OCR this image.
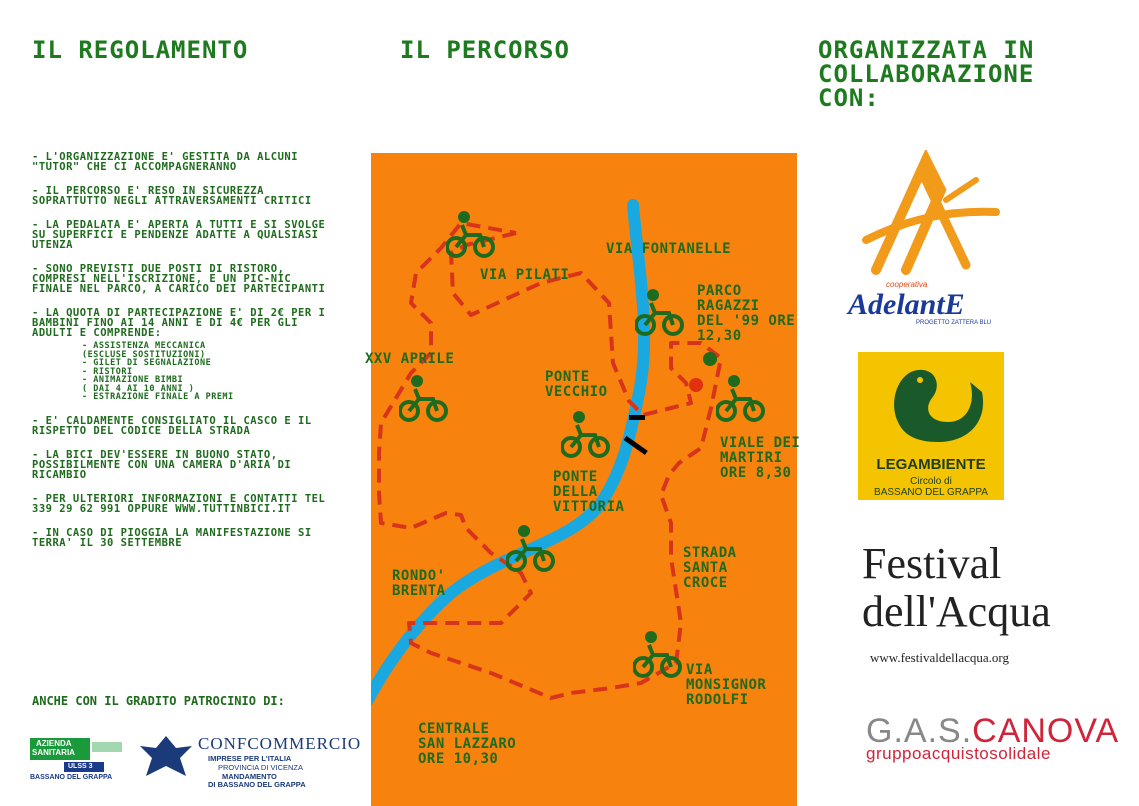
IL REGOLAMENTO	IL PERCORSO	ORGANIZZATA IN
COLLABORAZIONE
CON:
- L'ORGANIZZAZIONE E' GESTITA DA ALCUNI "TUTOR" CHE CI ACCOMPAGNERANNO
- IL PERCORSO E' RESO IN SICUREZZA SOPRATTUTTO NEGLI ATTRAVERSAMENTI CRITICI
- LA PEDALATA E' APERTA A TUTTI E SI SVOLGE SU SUPERFICI E PENDENZE ADATTE A QUALSIASI UTENZA
- SONO PREVISTI DUE POSTI DI RISTORO, COMPRESI NELL'ISCRIZIONE, E UN PIC-NIC FINALE NEL PARCO, A CARICO DEI PARTECIPANTI
- LA QUOTA DI PARTECIPAZIONE E' DI 2€ PER I BAMBINI FINO AI 14 ANNI E DI 4€ PER GLI ADULTI E COMPRENDE:
- ASSISTENZA MECCANICA
(ESCLUSE SOSTITUZIONI)
- GILET DI SEGNALAZIONE
- RISTORI
- ANIMAZIONE BIMBI
( DAI 4 AI 10 ANNI )
- ESTRAZIONE FINALE A PREMI
- E' CALDAMENTE CONSIGLIATO IL CASCO E IL RISPETTO DEL CODICE DELLA STRADA
- LA BICI DEV'ESSERE IN BUONO STATO, POSSIBILMENTE CON UNA CAMERA D'ARIA DI RICAMBIO
- PER ULTERIORI INFORMAZIONI E CONTATTI TEL 339 29 62 991 OPPURE WWW.TUTTINBICI.IT
- IN CASO DI PIOGGIA LA MANIFESTAZIONE SI TERRA' IL 30 SETTEMBRE
ANCHE CON IL GRADITO PATROCINIO DI:
AZIENDA
SANITARIA
ULSS 3
BASSANO DEL GRAPPA
CONFCOMMERCIO
IMPRESE PER L'ITALIA
PROVINCIA DI VICENZA
MANDAMENTO
DI BASSANO DEL GRAPPA
VIA FONTANELLE
VIA PILATI
PARCO
RAGAZZI
DEL '99 ORE
12,30
XXV APRILE
PONTE
VECCHIO
VIALE DEI
MARTIRI
ORE 8,30
PONTE
DELLA
VITTORIA
STRADA
SANTA
CROCE
RONDO'
BRENTA
VIA
MONSIGNOR
RODOLFI
CENTRALE
SAN LAZZARO
ORE 10,30
cooperativa
AdelantE
PROGETTO ZATTERA BLU
LEGAMBIENTE
Circolo di
BASSANO DEL GRAPPA
Festival
dell'Acqua
www.festivaldellacqua.org
G.A.S.CANOVA
gruppoacquistosolidale
